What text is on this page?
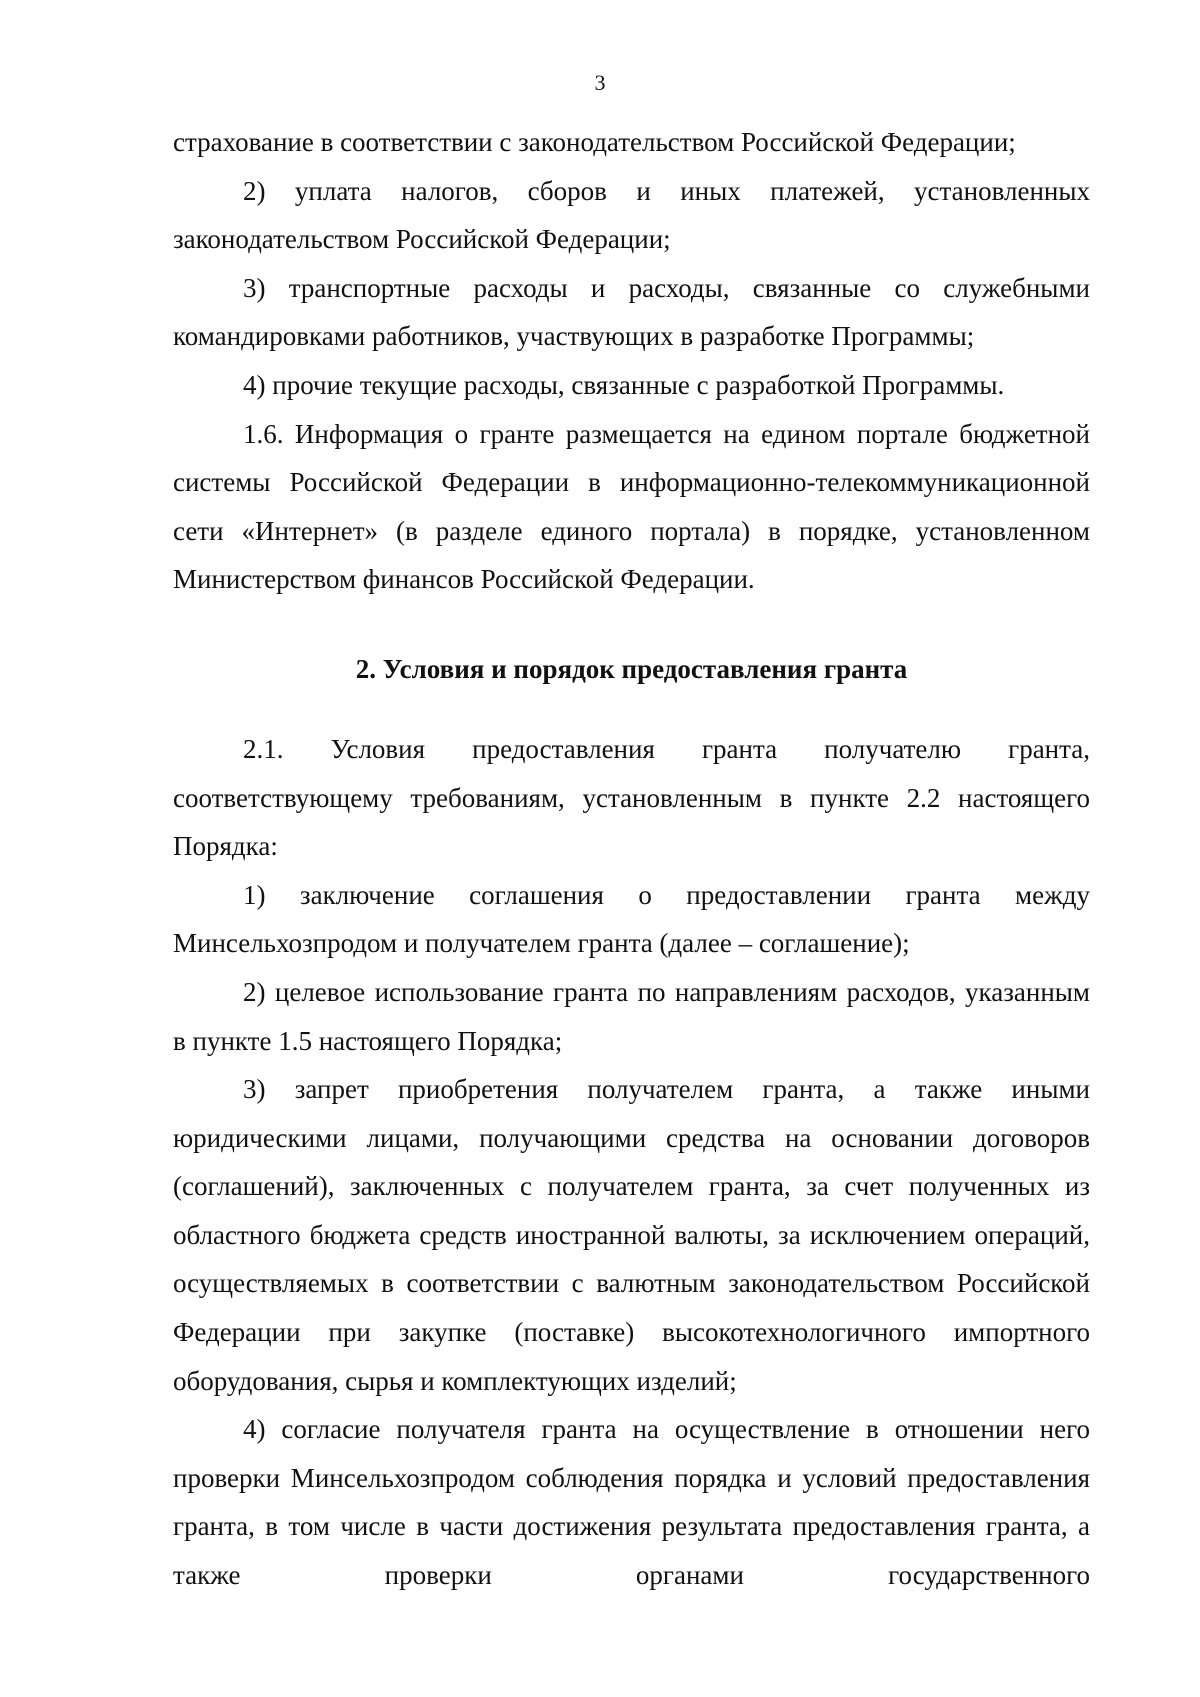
3

страхование в соответствии с законодательством Российской Федерации;

2) уплата налогов, сборов и иных платежей, установленных законодательством Российской Федерации;

3) транспортные расходы и расходы, связанные со служебными командировками работников, участвующих в разработке Программы;

4) прочие текущие расходы, связанные с разработкой Программы.

1.6. Информация о гранте размещается на едином портале бюджетной системы Российской Федерации в информационно-телекоммуникационной сети «Интернет» (в разделе единого портала) в порядке, установленном Министерством финансов Российской Федерации.

2. Условия и порядок предоставления гранта

2.1. Условия предоставления гранта получателю гранта, соответствующему требованиям, установленным в пункте 2.2 настоящего Порядка:

1) заключение соглашения о предоставлении гранта между Минсельхозпродом и получателем гранта (далее – соглашение);

2) целевое использование гранта по направлениям расходов, указанным в пункте 1.5 настоящего Порядка;

3) запрет приобретения получателем гранта, а также иными юридическими лицами, получающими средства на основании договоров (соглашений), заключенных с получателем гранта, за счет полученных из областного бюджета средств иностранной валюты, за исключением операций, осуществляемых в соответствии с валютным законодательством Российской Федерации при закупке (поставке) высокотехнологичного импортного оборудования, сырья и комплектующих изделий;

4) согласие получателя гранта на осуществление в отношении него проверки Минсельхозпродом соблюдения порядка и условий предоставления гранта, в том числе в части достижения результата предоставления гранта, а также проверки органами государственного
